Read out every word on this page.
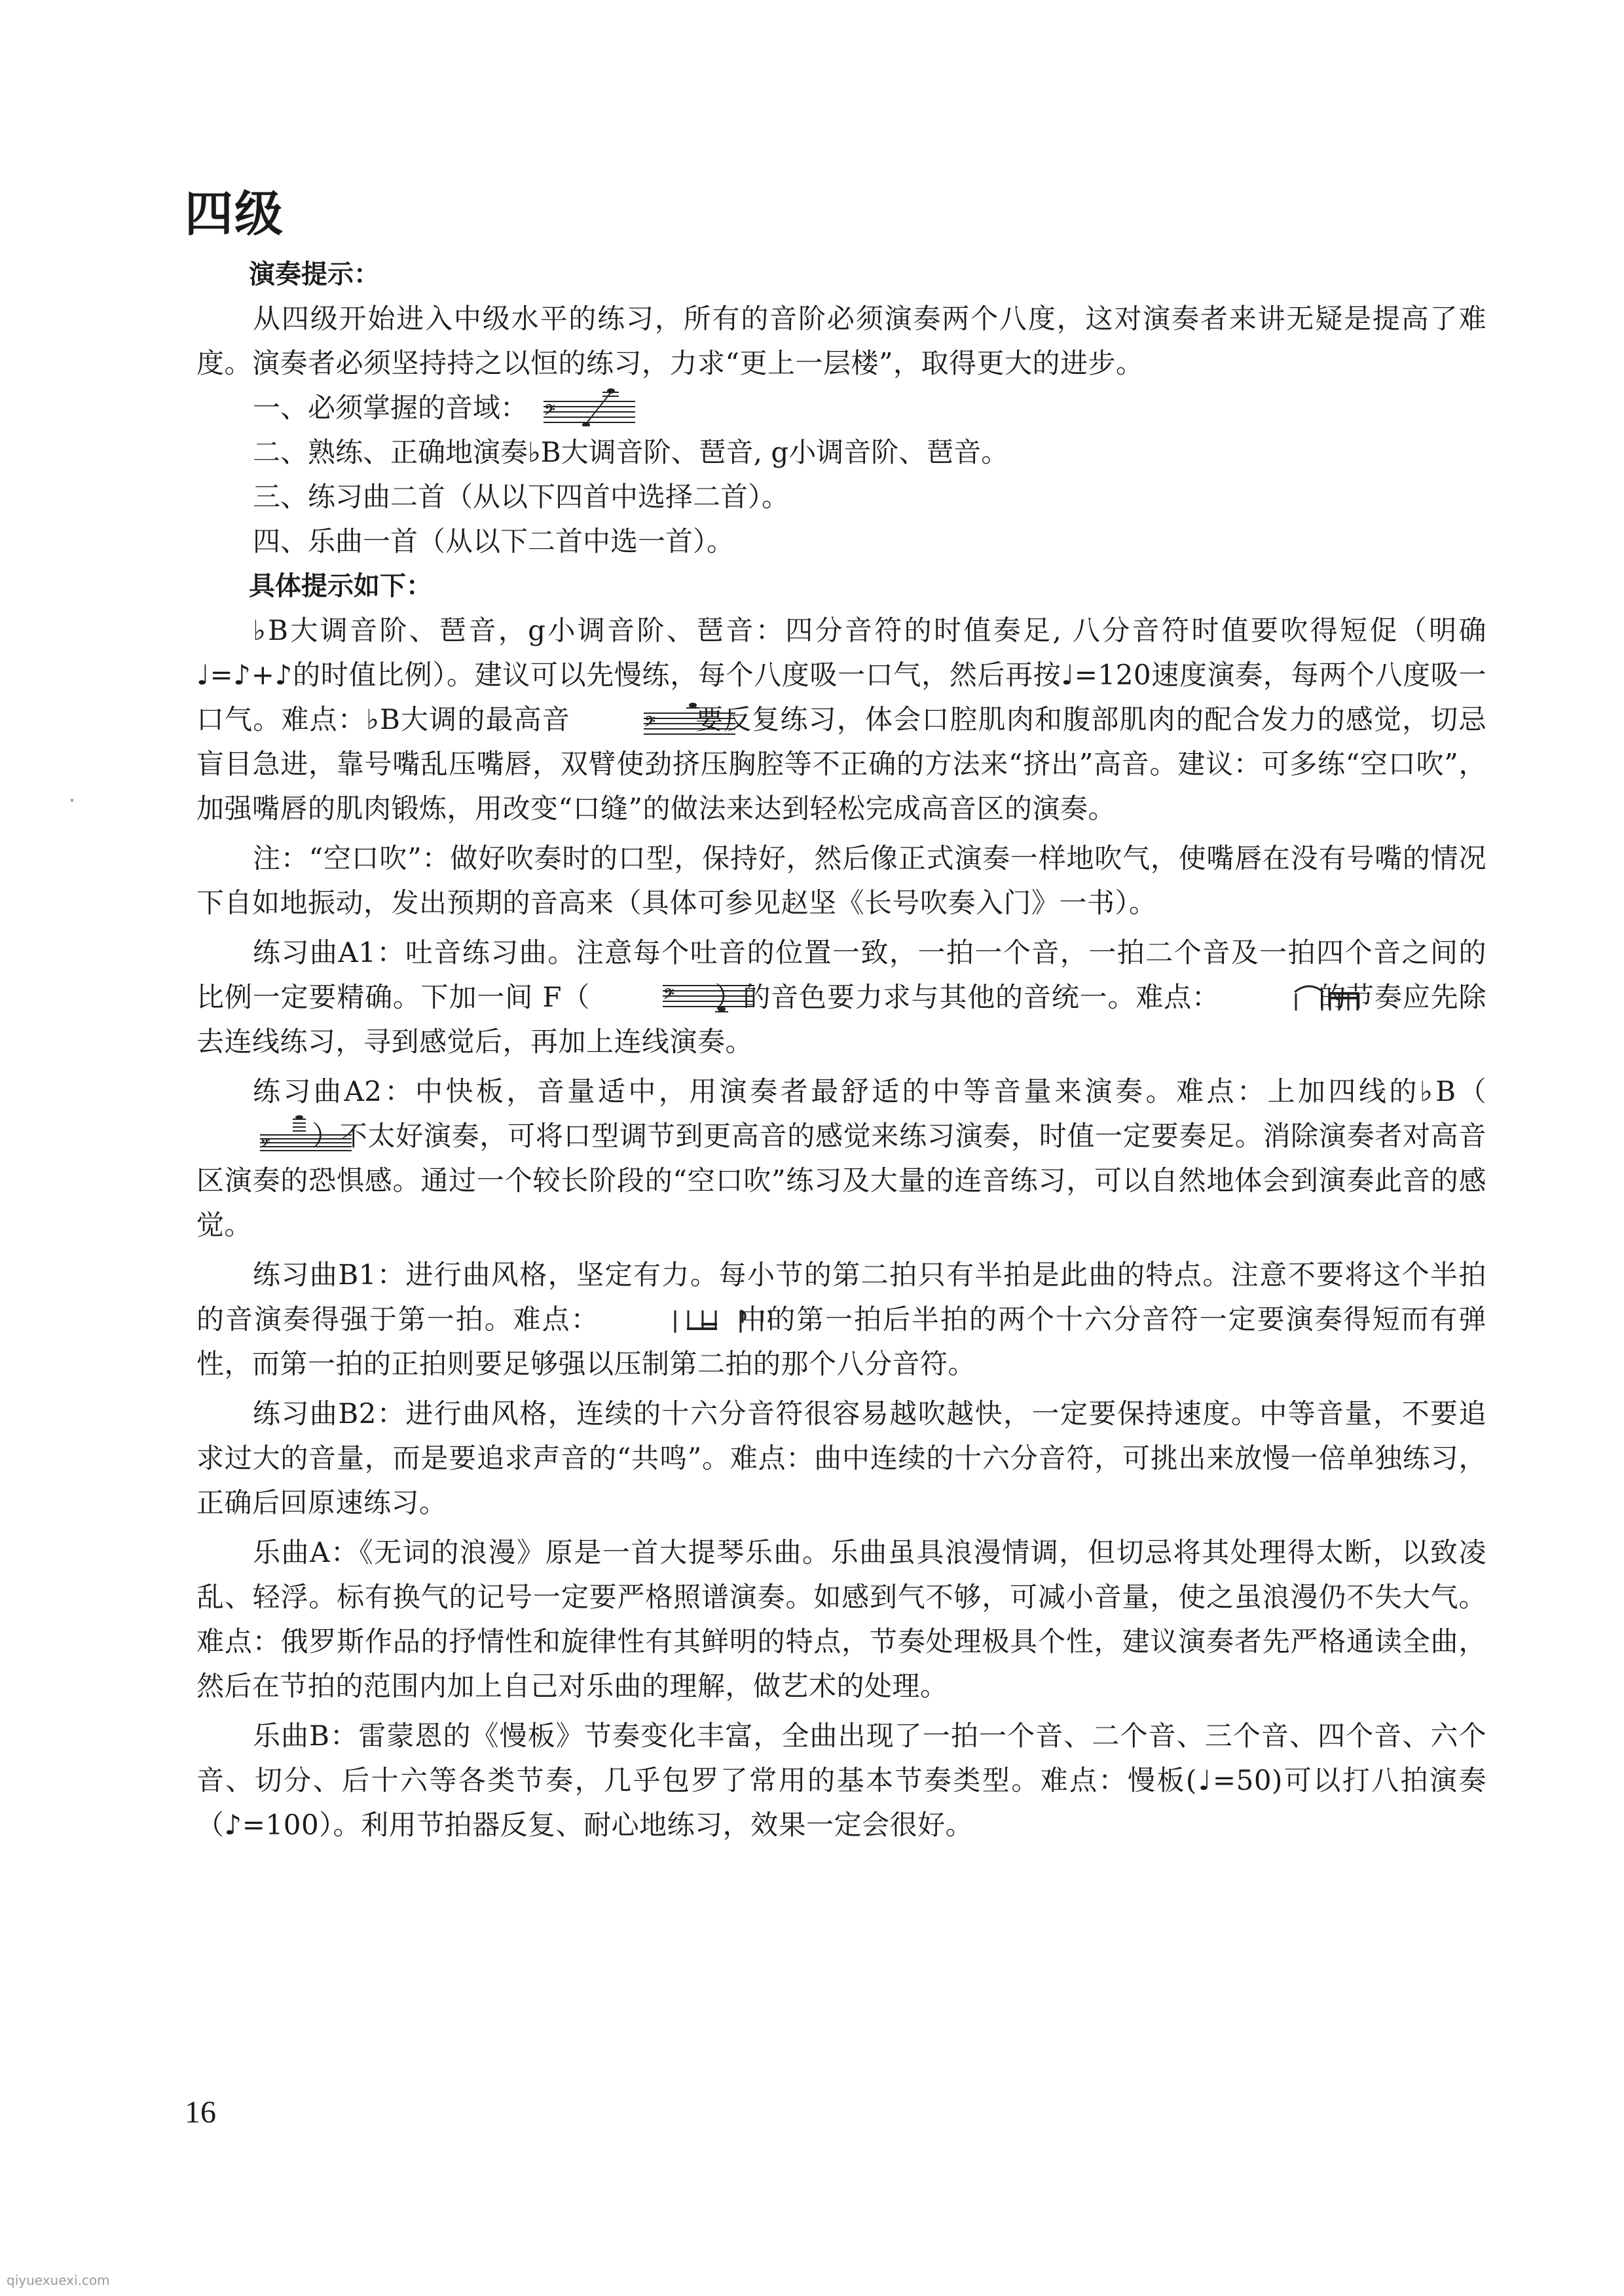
四级

演奏提示：

从四级开始进入中级水平的练习，所有的音阶必须演奏两个八度，这对演奏者来讲无疑是提高了难度。演奏者必须坚持持之以恒的练习，力求“更上一层楼”，取得更大的进步。

一、必须掌握的音域： 𝄢

二、熟练、正确地演奏♭B大调音阶、琶音, g小调音阶、琶音。

三、练习曲二首（从以下四首中选择二首）。

四、乐曲一首（从以下二首中选一首）。

具体提示如下：

♭B大调音阶、琶音，g小调音阶、琶音：四分音符的时值奏足, 八分音符时值要吹得短促（明确♩=♪+♪的时值比例）。建议可以先慢练，每个八度吸一口气，然后再按♩=120速度演奏，每两个八度吸一口气。难点：♭B大调的最高音	𝄢 要反复练习，体会口腔肌肉和腹部肌肉的配合发力的感觉，切忌盲目急进，靠号嘴乱压嘴唇，双臂使劲挤压胸腔等不正确的方法来“挤出”高音。建议：可多练“空口吹”，加强嘴唇的肌肉锻炼，用改变“口缝”的做法来达到轻松完成高音区的演奏。

注：“空口吹”：做好吹奏时的口型，保持好，然后像正式演奏一样地吹气，使嘴唇在没有号嘴的情况下自如地振动，发出预期的音高来（具体可参见赵坚《长号吹奏入门》一书）。

练习曲A1：吐音练习曲。注意每个吐音的位置一致，一拍一个音，一拍二个音及一拍四个音之间的比例一定要精确。下加一间 F（	𝄢 ）的音色要力求与其他的音统一。难点：	的节奏应先除去连线练习，寻到感觉后，再加上连线演奏。

练习曲A2：中快板，音量适中，用演奏者最舒适的中等音量来演奏。难点：上加四线的♭B（
𝄢 ）不太好演奏，可将口型调节到更高音的感觉来练习演奏，时值一定要奏足。消除演奏者对高音区演奏的恐惧感。通过一个较长阶段的“空口吹”练习及大量的连音练习，可以自然地体会到演奏此音的感觉。

练习曲B1：进行曲风格，坚定有力。每小节的第二拍只有半拍是此曲的特点。注意不要将这个半拍的音演奏得强于第一拍。难点：	中的第一拍后半拍的两个十六分音符一定要演奏得短而有弹性，而第一拍的正拍则要足够强以压制第二拍的那个八分音符。

练习曲B2：进行曲风格，连续的十六分音符很容易越吹越快，一定要保持速度。中等音量，不要追求过大的音量，而是要追求声音的“共鸣”。难点：曲中连续的十六分音符，可挑出来放慢一倍单独练习，正确后回原速练习。

乐曲A：《无词的浪漫》原是一首大提琴乐曲。乐曲虽具浪漫情调，但切忌将其处理得太断，以致凌乱、轻浮。标有换气的记号一定要严格照谱演奏。如感到气不够，可减小音量，使之虽浪漫仍不失大气。难点：俄罗斯作品的抒情性和旋律性有其鲜明的特点，节奏处理极具个性，建议演奏者先严格通读全曲，然后在节拍的范围内加上自己对乐曲的理解，做艺术的处理。

乐曲B：雷蒙恩的《慢板》节奏变化丰富，全曲出现了一拍一个音、二个音、三个音、四个音、六个音、切分、后十六等各类节奏，几乎包罗了常用的基本节奏类型。难点：慢板(♩=50)可以打八拍演奏（♪=100）。利用节拍器反复、耐心地练习，效果一定会很好。

16
qiyuexuexi.com
